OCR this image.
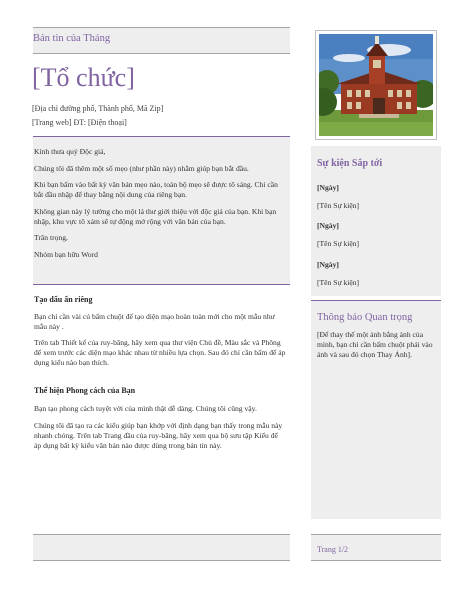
Bản tin của Tháng
[Tổ chức]
[Địa chỉ đường phố, Thành phố, Mã Zip]
[Trang web] ĐT: [Điện thoại]

Kính thưa quý Độc giả,

Chúng tôi đã thêm một số mẹo (như phần này) nhằm giúp bạn bắt đầu.

Khi bạn bấm vào bất kỳ văn bản mẹo nào, toàn bộ mẹo sẽ được tô sáng. Chỉ cần bắt đầu nhập để thay bằng nội dung của riêng bạn.

Không gian này lý tưởng cho một lá thư giới thiệu với độc giả của bạn. Khi bạn nhập, khu vực tô xám sẽ tự động mở rộng với văn bản của bạn.

Trân trọng,

Nhóm bạn hữu Word

Tạo dấu ấn riêng
Bạn chỉ cần vài cú bấm chuột để tạo diện mạo hoàn toàn mới cho một mẫu như mẫu này .
Trên tab Thiết kế của ruy-băng, hãy xem qua thư viện Chủ đề, Màu sắc và Phông để xem trước các diện mạo khác nhau từ nhiều lựa chọn. Sau đó chỉ cần bấm để áp dụng kiểu nào bạn thích.
Thể hiện Phong cách của Bạn
Bạn tạo phong cách tuyệt vời của mình thật dễ dàng. Chúng tôi cũng vậy.
Chúng tôi đã tạo ra các kiểu giúp bạn khớp với định dạng bạn thấy trong mẫu này nhanh chóng. Trên tab Trang đầu của ruy-băng, hãy xem qua bộ sưu tập Kiểu để áp dụng bất kỳ kiểu văn bản nào được dùng trong bản tin này.
Sự kiện Sắp tới
[Ngày]
[Tên Sự kiện]
[Ngày]
[Tên Sự kiện]
[Ngày]
[Tên Sự kiện]
Thông báo Quan trọng
[Để thay thế một ảnh bằng ảnh của mình, bạn chỉ cần bấm chuột phải vào ảnh và sau đó chọn Thay Ảnh].
Trang 1/2
